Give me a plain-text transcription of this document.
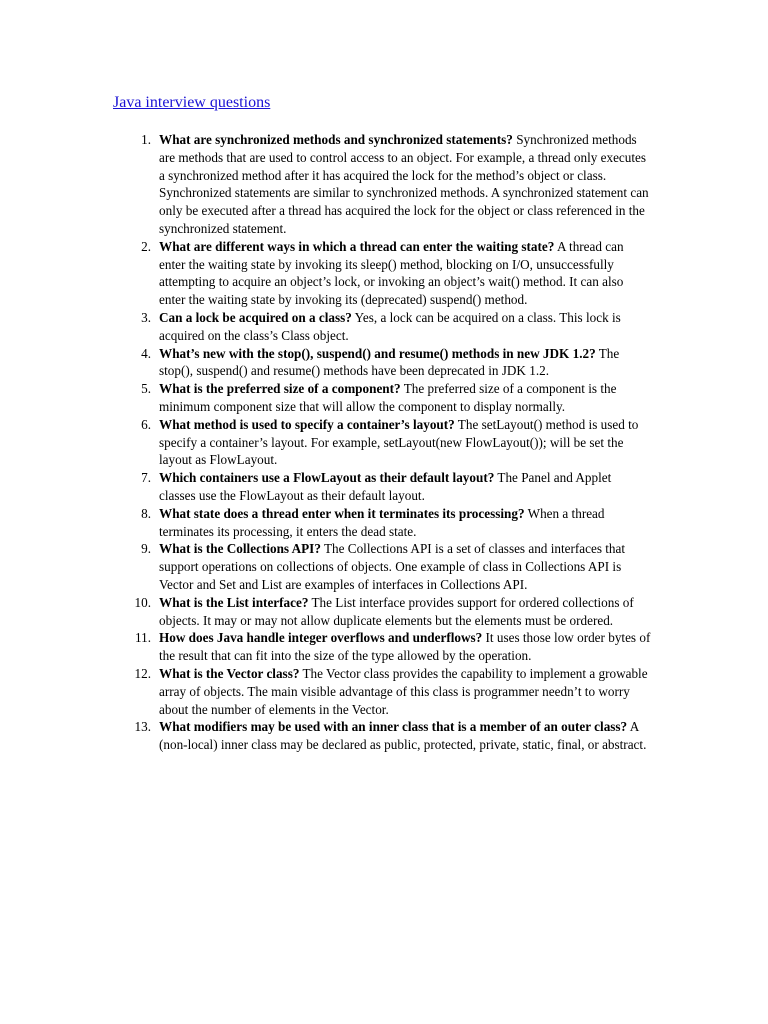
Java interview questions
1. What are synchronized methods and synchronized statements? Synchronized methods are methods that are used to control access to an object. For example, a thread only executes a synchronized method after it has acquired the lock for the method’s object or class. Synchronized statements are similar to synchronized methods. A synchronized statement can only be executed after a thread has acquired the lock for the object or class referenced in the synchronized statement.

2. What are different ways in which a thread can enter the waiting state? A thread can enter the waiting state by invoking its sleep() method, blocking on I/O, unsuccessfully attempting to acquire an object’s lock, or invoking an object’s wait() method. It can also enter the waiting state by invoking its (deprecated) suspend() method.

3. Can a lock be acquired on a class? Yes, a lock can be acquired on a class. This lock is acquired on the class’s Class object.

4. What’s new with the stop(), suspend() and resume() methods in new JDK 1.2? The stop(), suspend() and resume() methods have been deprecated in JDK 1.2.

5. What is the preferred size of a component? The preferred size of a component is the minimum component size that will allow the component to display normally.

6. What method is used to specify a container’s layout? The setLayout() method is used to specify a container’s layout. For example, setLayout(new FlowLayout()); will be set the layout as FlowLayout.

7. Which containers use a FlowLayout as their default layout? The Panel and Applet classes use the FlowLayout as their default layout.

8. What state does a thread enter when it terminates its processing? When a thread terminates its processing, it enters the dead state.

9. What is the Collections API? The Collections API is a set of classes and interfaces that support operations on collections of objects. One example of class in Collections API is Vector and Set and List are examples of interfaces in Collections API.

10. What is the List interface? The List interface provides support for ordered collections of objects. It may or may not allow duplicate elements but the elements must be ordered.

11. How does Java handle integer overflows and underflows? It uses those low order bytes of the result that can fit into the size of the type allowed by the operation.

12. What is the Vector class? The Vector class provides the capability to implement a growable array of objects. The main visible advantage of this class is programmer needn’t to worry about the number of elements in the Vector.

13. What modifiers may be used with an inner class that is a member of an outer class? A (non-local) inner class may be declared as public, protected, private, static, final, or abstract.
